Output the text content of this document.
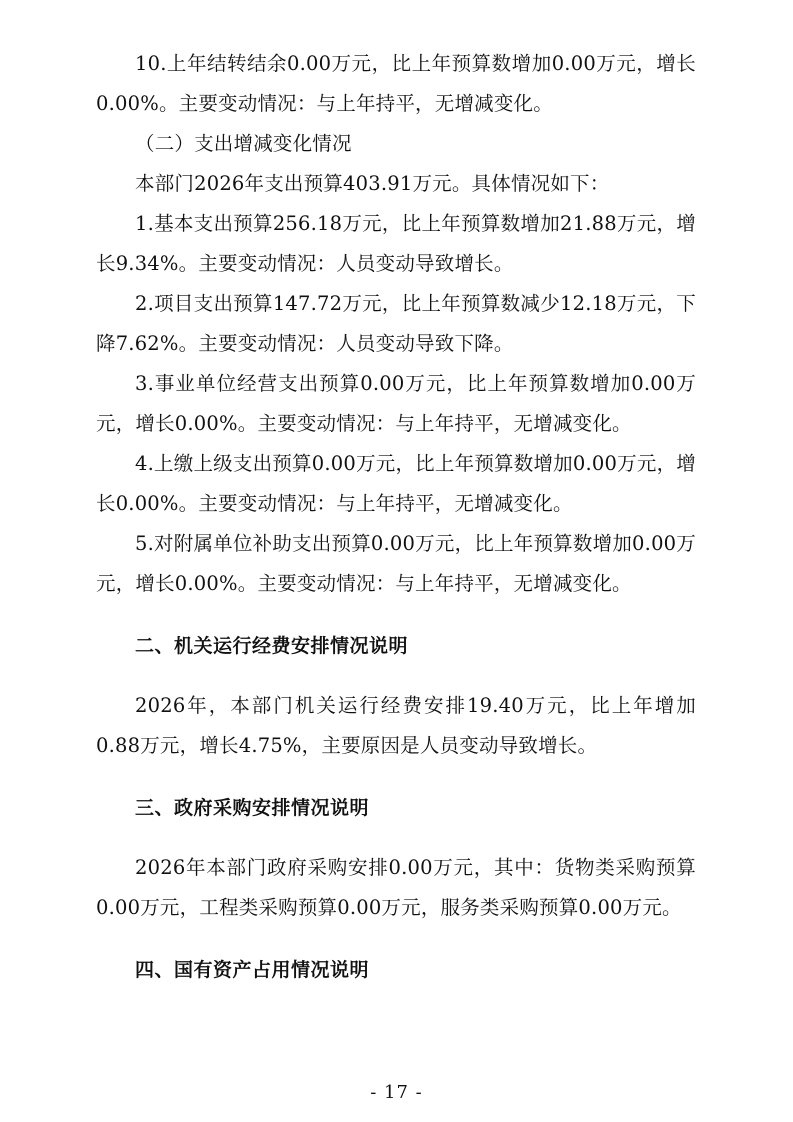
10.上年结转结余0.00万元，比上年预算数增加0.00万元，增长0.00%。主要变动情况：与上年持平，无增减变化。

（二）支出增减变化情况

本部门2026年支出预算403.91万元。具体情况如下：

1.基本支出预算256.18万元，比上年预算数增加21.88万元，增长9.34%。主要变动情况：人员变动导致增长。

2.项目支出预算147.72万元，比上年预算数减少12.18万元，下降7.62%。主要变动情况：人员变动导致下降。

3.事业单位经营支出预算0.00万元，比上年预算数增加0.00万元，增长0.00%。主要变动情况：与上年持平，无增减变化。

4.上缴上级支出预算0.00万元，比上年预算数增加0.00万元，增长0.00%。主要变动情况：与上年持平，无增减变化。

5.对附属单位补助支出预算0.00万元，比上年预算数增加0.00万元，增长0.00%。主要变动情况：与上年持平，无增减变化。

二、机关运行经费安排情况说明

2026年，本部门机关运行经费安排19.40万元，比上年增加0.88万元，增长4.75%，主要原因是人员变动导致增长。

三、政府采购安排情况说明

2026年本部门政府采购安排0.00万元，其中：货物类采购预算0.00万元，工程类采购预算0.00万元，服务类采购预算0.00万元。

四、国有资产占用情况说明

- 17 -
